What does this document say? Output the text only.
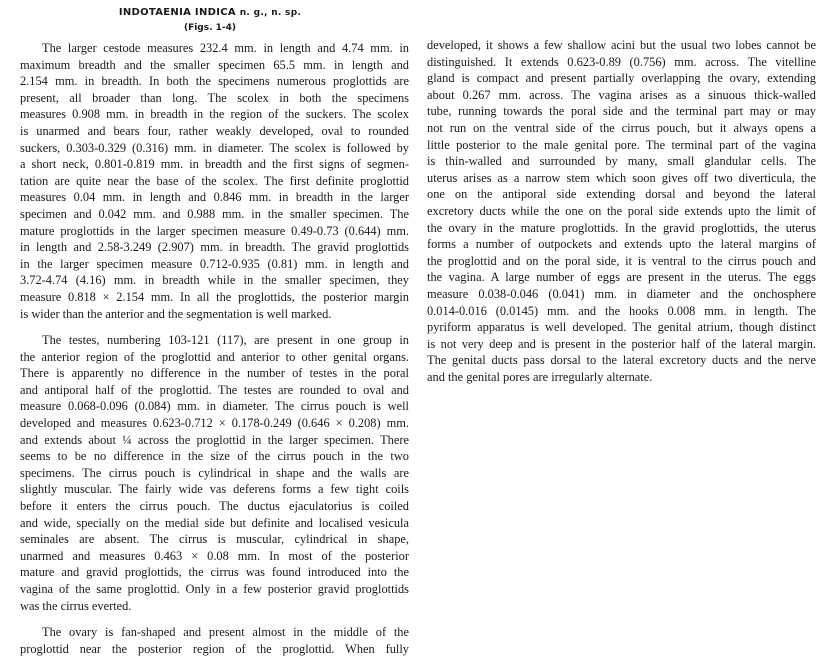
INDOTAENIA INDICA n. g., n. sp.
(Figs. 1-4)
The larger cestode measures 232.4 mm. in length and 4.74 mm. in
maximum breadth and the smaller specimen 65.5 mm. in length and
2.154 mm. in breadth. In both the specimens numerous proglottids are
present, all broader than long. The scolex in both the specimens
measures 0.908 mm. in breadth in the region of the suckers. The scolex
is unarmed and bears four, rather weakly developed, oval to rounded
suckers, 0.303-0.329 (0.316) mm. in diameter. The scolex is followed by
a short neck, 0.801-0.819 mm. in breadth and the first signs of segmen-
tation are quite near the base of the scolex. The first definite proglottid
measures 0.04 mm. in length and 0.846 mm. in breadth in the larger
specimen and 0.042 mm. and 0.988 mm. in the smaller specimen. The
mature proglottids in the larger specimen measure 0.49-0.73 (0.644) mm.
in length and 2.58-3.249 (2.907) mm. in breadth. The gravid proglottids
in the larger specimen measure 0.712-0.935 (0.81) mm. in length and
3.72-4.74 (4.16) mm. in breadth while in the smaller specimen, they
measure 0.818 × 2.154 mm. In all the proglottids, the posterior margin
is wider than the anterior and the segmentation is well marked.
The testes, numbering 103-121 (117), are present in one group in
the anterior region of the proglottid and anterior to other genital organs.
There is apparently no difference in the number of testes in the poral
and antiporal half of the proglottid. The testes are rounded to oval and
measure 0.068-0.096 (0.084) mm. in diameter. The cirrus pouch is well
developed and measures 0.623-0.712 × 0.178-0.249 (0.646 × 0.208) mm.
and extends about ¼ across the proglottid in the larger specimen. There
seems to be no difference in the size of the cirrus pouch in the two
specimens. The cirrus pouch is cylindrical in shape and the walls are
slightly muscular. The fairly wide vas deferens forms a few tight coils
before it enters the cirrus pouch. The ductus ejaculatorius is coiled
and wide, specially on the medial side but definite and localised vesicula
seminales are absent. The cirrus is muscular, cylindrical in shape,
unarmed and measures 0.463 × 0.08 mm. In most of the posterior
mature and gravid proglottids, the cirrus was found introduced into the
vagina of the same proglottid. Only in a few posterior gravid proglottids
was the cirrus everted.
The ovary is fan-shaped and present almost in the middle of the
proglottid near the posterior region of the proglottid. When fully
developed, it shows a few shallow acini but the usual two lobes cannot be
distinguished. It extends 0.623-0.89 (0.756) mm. across. The vitelline
gland is compact and present partially overlapping the ovary, extending
about 0.267 mm. across. The vagina arises as a sinuous thick-walled
tube, running towards the poral side and the terminal part may or may
not run on the ventral side of the cirrus pouch, but it always opens a
little posterior to the male genital pore. The terminal part of the vagina
is thin-walled and surrounded by many, small glandular cells. The
uterus arises as a narrow stem which soon gives off two diverticula, the
one on the antiporal side extending dorsal and beyond the lateral
excretory ducts while the one on the poral side extends upto the limit of
the ovary in the mature proglottids. In the gravid proglottids, the uterus
forms a number of outpockets and extends upto the lateral margins of
the proglottid and on the poral side, it is ventral to the cirrus pouch and
the vagina. A large number of eggs are present in the uterus. The eggs
measure 0.038-0.046 (0.041) mm. in diameter and the onchosphere
0.014-0.016 (0.0145) mm. and the hooks 0.008 mm. in length. The
pyriform apparatus is well developed. The genital atrium, though distinct
is not very deep and is present in the posterior half of the lateral margin.
The genital ducts pass dorsal to the lateral excretory ducts and the nerve
and the genital pores are irregularly alternate.
